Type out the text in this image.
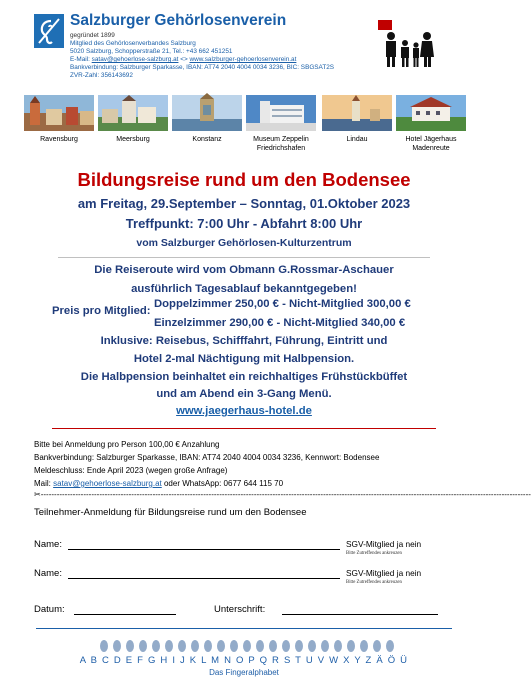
Salzburger Gehörlosenverein
gegründet 1899
Mitglied des Gehörlosenverbandes Salzburg
5020 Salzburg, Schopperstraße 21, Tel.: +43 662 451251
E-Mail: satav@gehoerlose-salzburg.at <> www.salzburger-gehoerlosenverein.at
Bankverbindung: Salzburger Sparkasse, IBAN: AT74 2040 4004 0034 3236, BIC: SBGSAT2S
ZVR-Zahl: 356143692
Ravensburg	Meersburg	Konstanz	Museum Zeppelin
Friedrichshafen
Lindau	Hotel Jägerhaus
Madenreute
Bildungsreise rund um den Bodensee
am Freitag, 29.September – Sonntag, 01.Oktober 2023
Treffpunkt: 7:00 Uhr - Abfahrt 8:00 Uhr
vom Salzburger Gehörlosen-Kulturzentrum
Die Reiseroute wird vom Obmann G.Rossmar-Aschauer
ausführlich Tagesablauf bekanntgegeben!
Preis pro Mitglied:
Doppelzimmer 250,00 € - Nicht-Mitglied 300,00 €
Einzelzimmer 290,00 € - Nicht-Mitglied 340,00 €
Inklusive: Reisebus, Schifffahrt, Führung, Eintritt und
Hotel 2-mal Nächtigung mit Halbpension.
Die Halbpension beinhaltet ein reichhaltiges Frühstückbüffet
und am Abend ein 3-Gang Menü.
www.jaegerhaus-hotel.de
Bitte bei Anmeldung pro Person 100,00 € Anzahlung
Bankverbindung: Salzburger Sparkasse, IBAN: AT74 2040 4004 0034 3236, Kennwort: Bodensee
Meldeschluss: Ende April 2023 (wegen große Anfrage)
Mail: satav@gehoerlose-salzburg.at oder WhatsApp: 0677 644 115 70
✂----------------------------------------------------------------------------------------------------------------------------------------------------------------------------------------
Teilnehmer-Anmeldung für Bildungsreise rund um den Bodensee
Name:	SGV-Mitglied ja nein
Bitte Zutreffendes ankreuzen
Name:	SGV-Mitglied ja nein
Bitte Zutreffendes ankreuzen
Datum:	Unterschrift:
A B C D E F G H I J K L M N O P Q R S T U V W X Y Z Ä Ö Ü
Das Fingeralphabet
